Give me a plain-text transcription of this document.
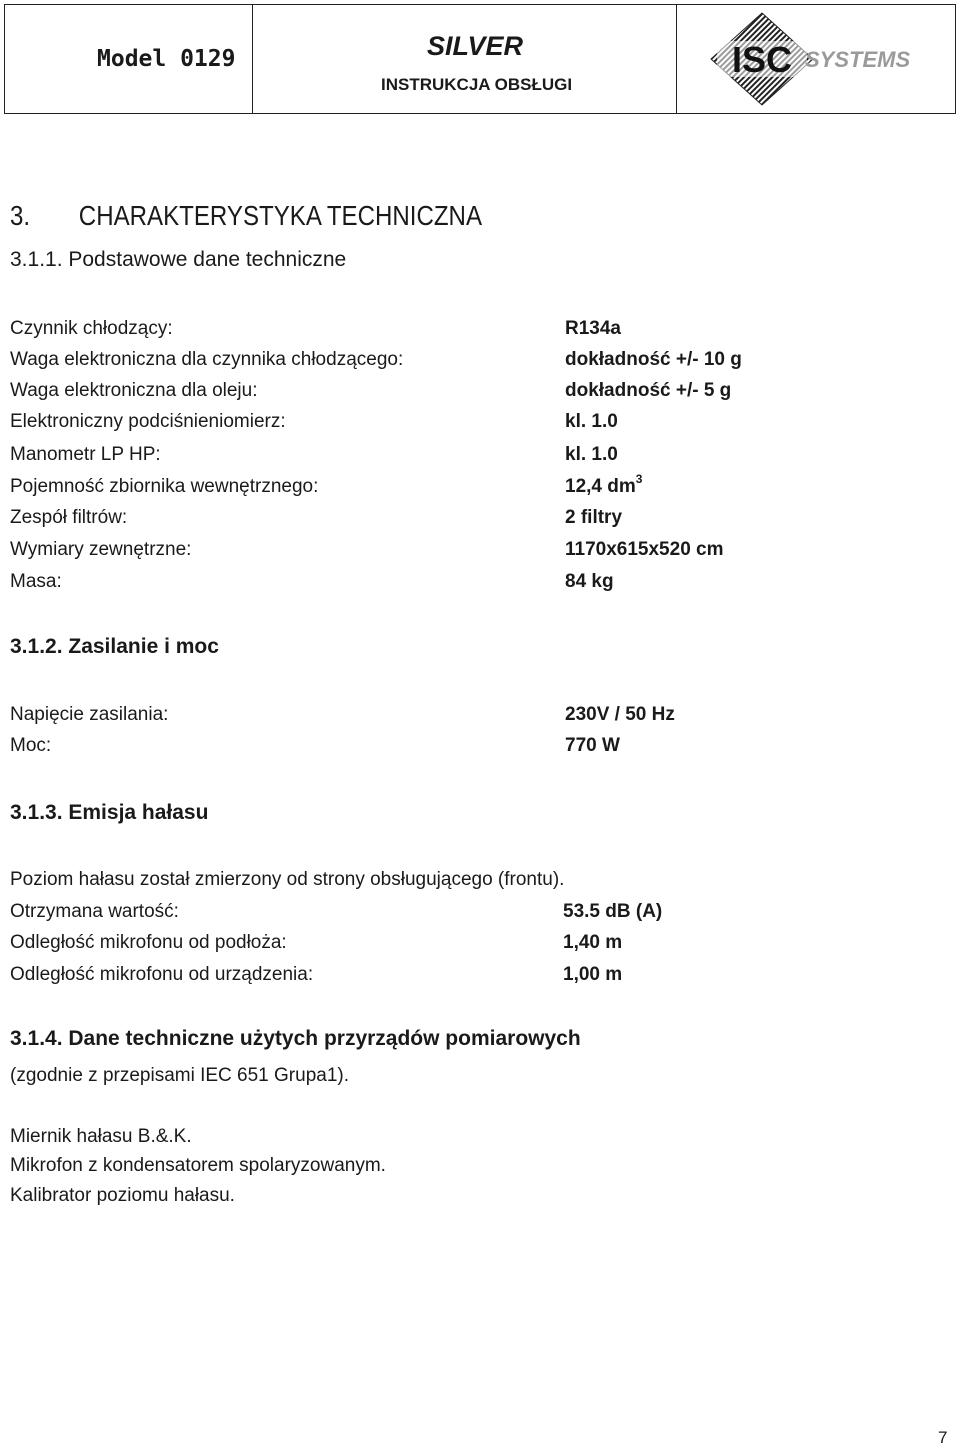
Model 0129	SILVER
INSTRUKCJA OBSŁUGI
ISC SYSTEMS
3. CHARAKTERYSTYKA TECHNICZNA
3.1.1. Podstawowe dane techniczne
Czynnik chłodzący:	R134a
Waga elektroniczna dla czynnika chłodzącego:	dokładność +/- 10 g
Waga elektroniczna dla oleju:	dokładność +/- 5 g
Elektroniczny podciśnieniomierz:	kl. 1.0
Manometr LP HP:	kl. 1.0
Pojemność zbiornika wewnętrznego:	12,4 $dm^3$
Zespół filtrów:	2 filtry
Wymiary zewnętrzne:	1170x615x520 cm
Masa:	84 kg
3.1.2. Zasilanie i moc
Napięcie zasilania:	230V / 50 Hz
Moc:	770 W
3.1.3. Emisja hałasu
Poziom hałasu został zmierzony od strony obsługującego (frontu).
Otrzymana wartość:	53.5 dB (A)
Odległość mikrofonu od podłoża:	1,40 m
Odległość mikrofonu od urządzenia:	1,00 m
3.1.4. Dane techniczne użytych przyrządów pomiarowych
(zgodnie z przepisami IEC 651 Grupa1).
Miernik hałasu B.&.K.
Mikrofon z kondensatorem spolaryzowanym.
Kalibrator poziomu hałasu.
7
